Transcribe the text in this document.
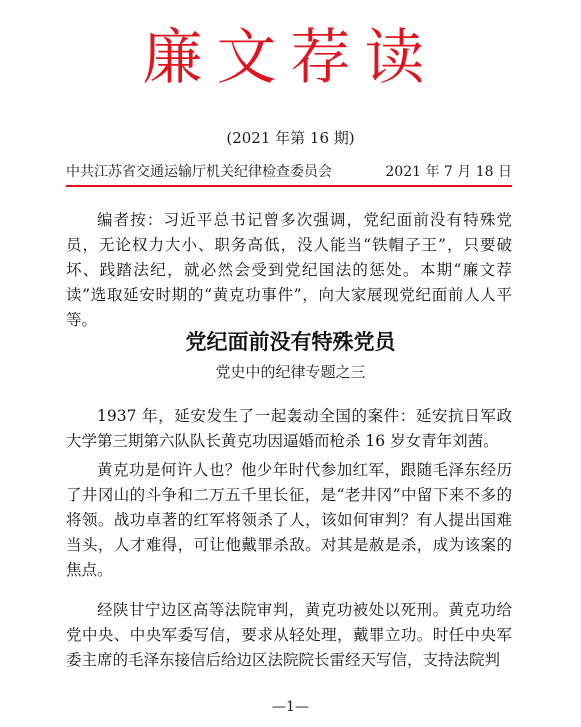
廉文荐读
(2021 年第 16 期)
中共江苏省交通运输厅机关纪律检查委员会	2021 年 7 月 18 日
编者按：习近平总书记曾多次强调，党纪面前没有特殊党员，无论权力大小、职务高低，没人能当“铁帽子王”，只要破坏、践踏法纪，就必然会受到党纪国法的惩处。本期“廉文荐读”选取延安时期的“黄克功事件”，向大家展现党纪面前人人平等。
党纪面前没有特殊党员
党史中的纪律专题之三
1937 年，延安发生了一起轰动全国的案件：延安抗日军政大学第三期第六队队长黄克功因逼婚而枪杀 16 岁女青年刘茜。
黄克功是何许人也？他少年时代参加红军，跟随毛泽东经历了井冈山的斗争和二万五千里长征，是“老井冈”中留下来不多的将领。战功卓著的红军将领杀了人，该如何审判？有人提出国难当头，人才难得，可让他戴罪杀敌。对其是赦是杀，成为该案的焦点。
经陕甘宁边区高等法院审判，黄克功被处以死刑。黄克功给党中央、中央军委写信，要求从轻处理，戴罪立功。时任中央军委主席的毛泽东接信后给边区法院院长雷经天写信，支持法院判
—1—
